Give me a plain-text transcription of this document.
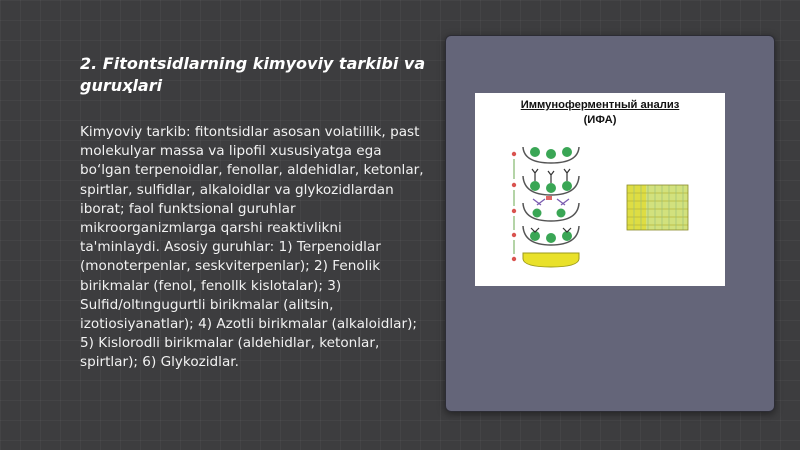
2. Fitontsidlarning kimyoviy tarkibi va guruҳlari

Kimyoviy tarkib: fitontsidlar asosan volatillik, past molekulyar massa va lipofil xususiyatga ega bo‘lgan terpenoidlar, fenollar, aldehidlar, ketonlar, spirtlar, sulfidlar, alkaloidlar va glykozidlardan iborat; faol funktsional guruhlar mikroorganizmlarga qarshi reaktivlikni ta'minlaydi. Asosiy guruhlar: 1) Terpenoidlar (monoterpenlar, seskviterpenlar); 2) Fenolik birikmalar (fenol, fenollk kislotalar); 3) Sulfid/oltıngugurtli birikmalar (alitsin, izotiosiyanatlar); 4) Azotli birikmalar (alkaloidlar); 5) Kislorodli birikmalar (aldehidlar, ketonlar, spirtlar); 6) Glykozidlar.

Иммуноферментный анализ
(ИФА)
